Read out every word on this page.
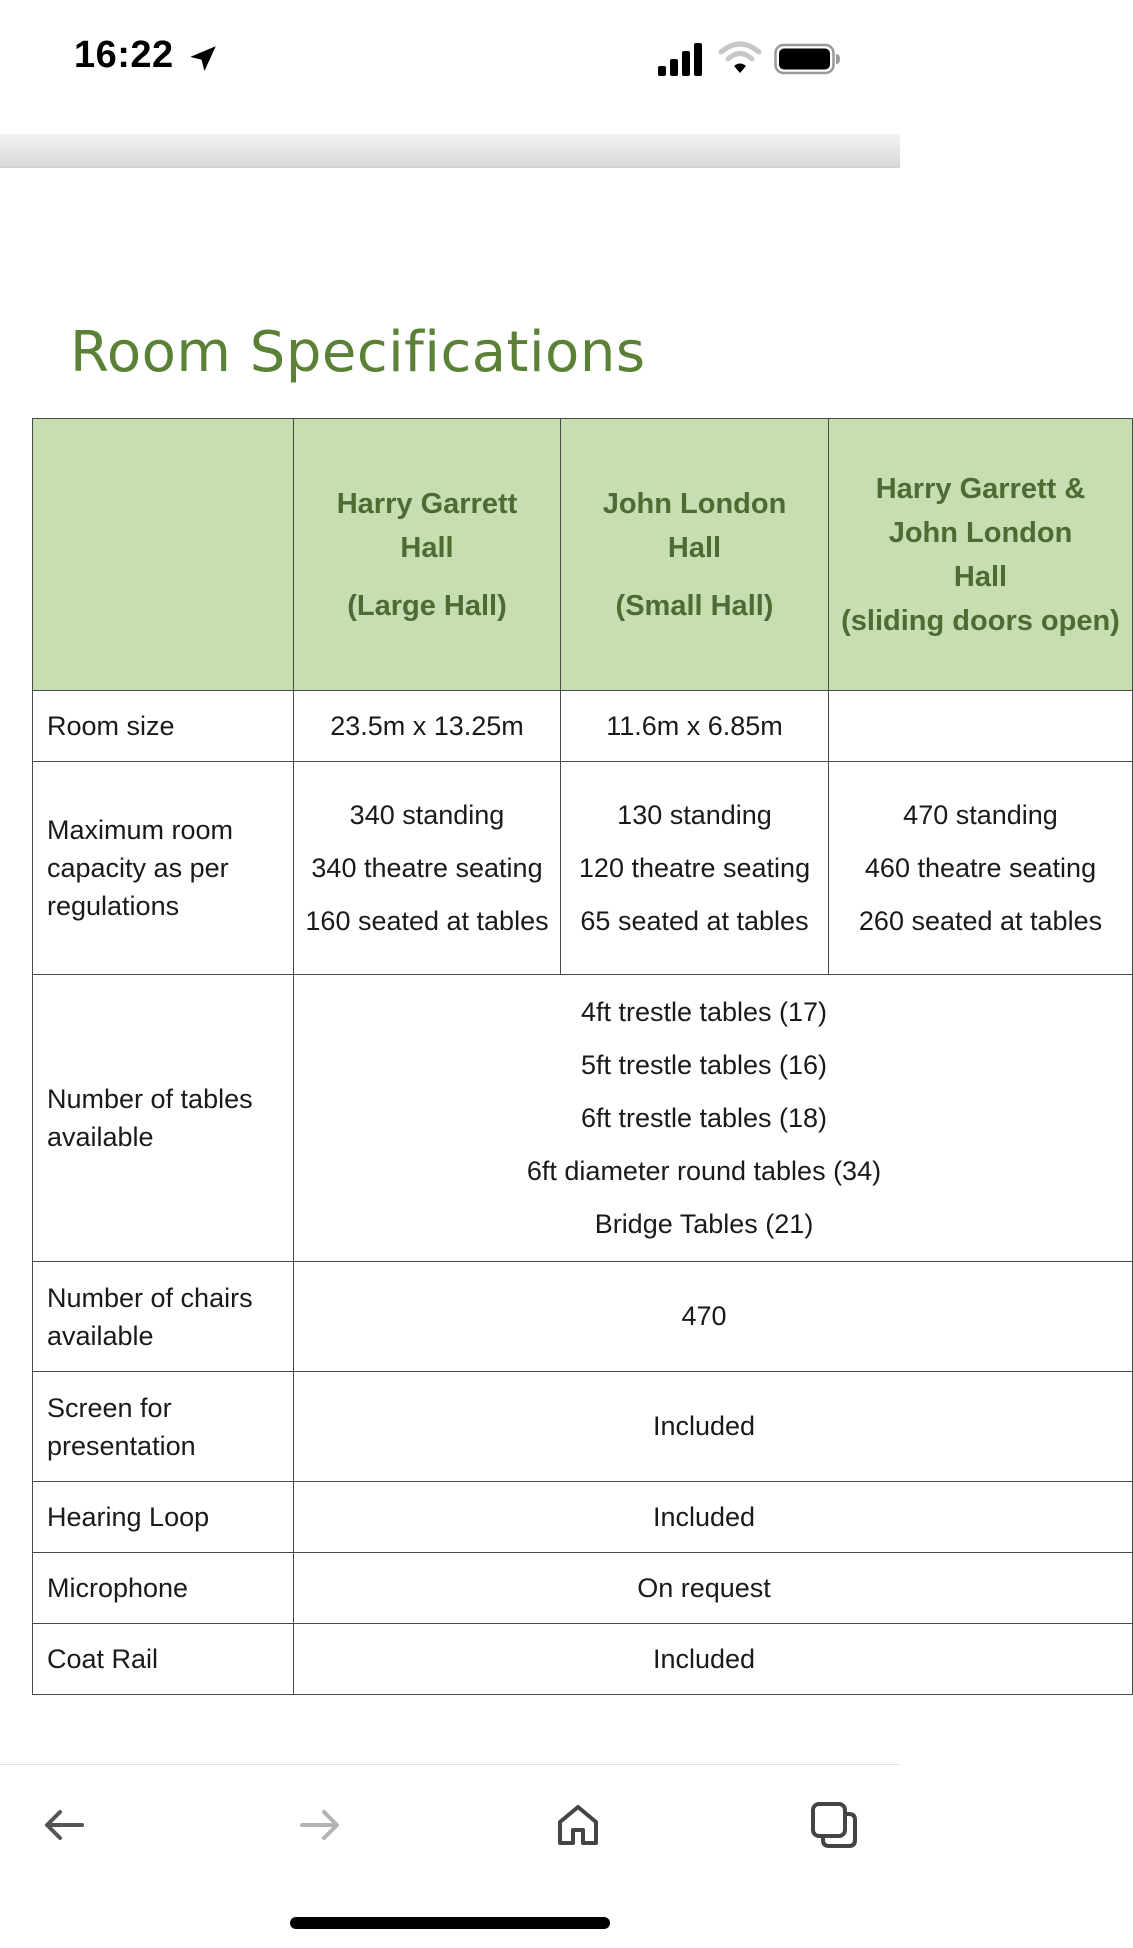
16:22
Room Specifications

	Harry Garrett
Hall
(Large Hall)	John London
Hall
(Small Hall)	Harry Garrett &
John London
Hall
(sliding doors open)

Room size	23.5m x 13.25m	11.6m x 6.85m	
Maximum room capacity as per regulations	340 standing
340 theatre seating
160 seated at tables	130 standing
120 theatre seating
65 seated at tables	470 standing
460 theatre seating
260 seated at tables

Number of tables available	4ft trestle tables (17)
5ft trestle tables (16)
6ft trestle tables (18)
6ft diameter round tables (34)
Bridge Tables (21)		

Number of chairs available	470		

Screen for presentation	Included		

Hearing Loop	Included		

Microphone	On request		

Coat Rail	Included		
